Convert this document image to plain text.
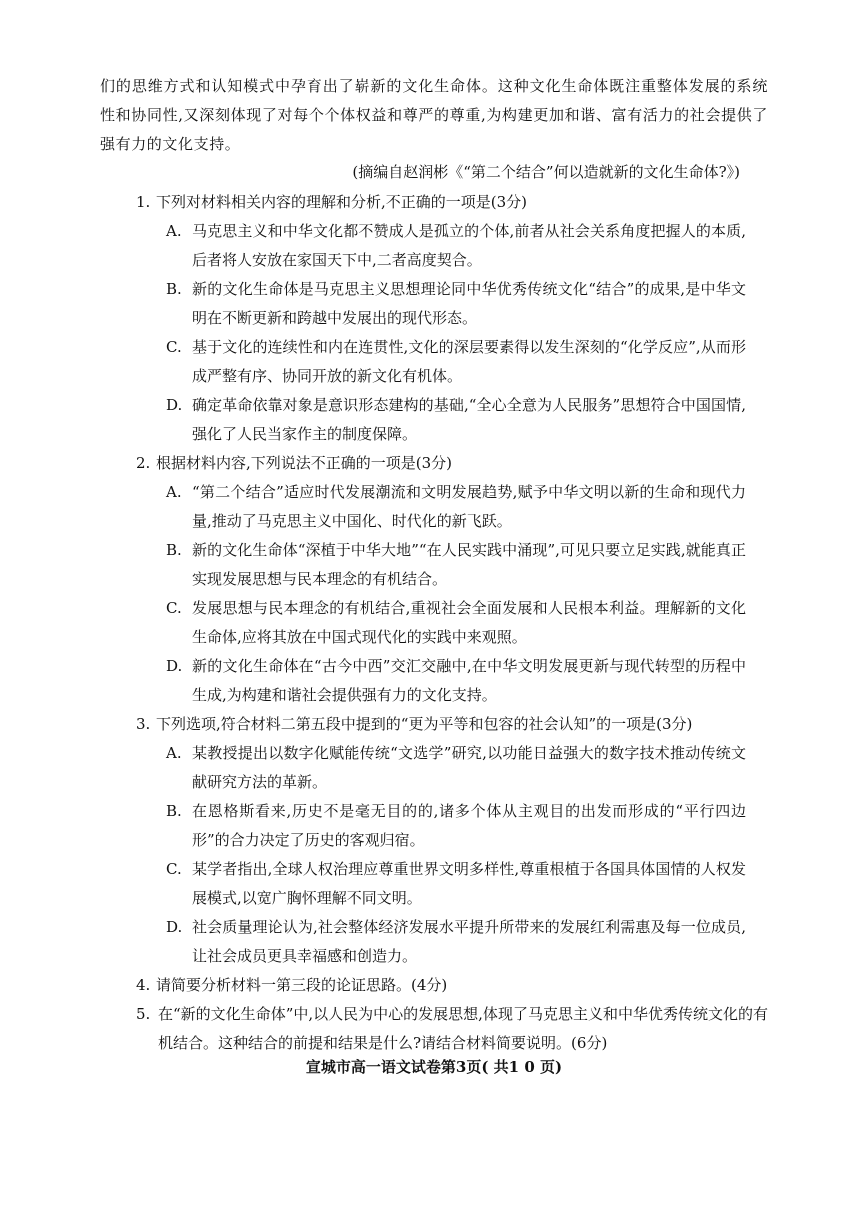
们的思维方式和认知模式中孕育出了崭新的文化生命体。这种文化生命体既注重整体发展的系统性和协同性,又深刻体现了对每个个体权益和尊严的尊重,为构建更加和谐、富有活力的社会提供了强有力的文化支持。
(摘编自赵润彬《“第二个结合”何以造就新的文化生命体?》)
1. 下列对材料相关内容的理解和分析,不正确的一项是(3分)
A. 马克思主义和中华文化都不赞成人是孤立的个体,前者从社会关系角度把握人的本质,后者将人安放在家国天下中,二者高度契合。
B. 新的文化生命体是马克思主义思想理论同中华优秀传统文化“结合”的成果,是中华文明在不断更新和跨越中发展出的现代形态。
C. 基于文化的连续性和内在连贯性,文化的深层要素得以发生深刻的“化学反应”,从而形成严整有序、协同开放的新文化有机体。
D. 确定革命依靠对象是意识形态建构的基础,“全心全意为人民服务”思想符合中国国情,强化了人民当家作主的制度保障。
2. 根据材料内容,下列说法不正确的一项是(3分)
A. “第二个结合”适应时代发展潮流和文明发展趋势,赋予中华文明以新的生命和现代力量,推动了马克思主义中国化、时代化的新飞跃。
B. 新的文化生命体“深植于中华大地”“在人民实践中涌现”,可见只要立足实践,就能真正实现发展思想与民本理念的有机结合。
C. 发展思想与民本理念的有机结合,重视社会全面发展和人民根本利益。理解新的文化生命体,应将其放在中国式现代化的实践中来观照。
D. 新的文化生命体在“古今中西”交汇交融中,在中华文明发展更新与现代转型的历程中生成,为构建和谐社会提供强有力的文化支持。
3. 下列选项,符合材料二第五段中提到的“更为平等和包容的社会认知”的一项是(3分)
A. 某教授提出以数字化赋能传统“文选学”研究,以功能日益强大的数字技术推动传统文献研究方法的革新。
B. 在恩格斯看来,历史不是毫无目的的,诸多个体从主观目的出发而形成的“平行四边形”的合力决定了历史的客观归宿。
C. 某学者指出,全球人权治理应尊重世界文明多样性,尊重根植于各国具体国情的人权发展模式,以宽广胸怀理解不同文明。
D. 社会质量理论认为,社会整体经济发展水平提升所带来的发展红利需惠及每一位成员,让社会成员更具幸福感和创造力。
4. 请简要分析材料一第三段的论证思路。(4分)
5. 在“新的文化生命体”中,以人民为中心的发展思想,体现了马克思主义和中华优秀传统文化的有机结合。这种结合的前提和结果是什么?请结合材料简要说明。(6分)
宣城市高一语文试卷第3页( 共1 0 页)
